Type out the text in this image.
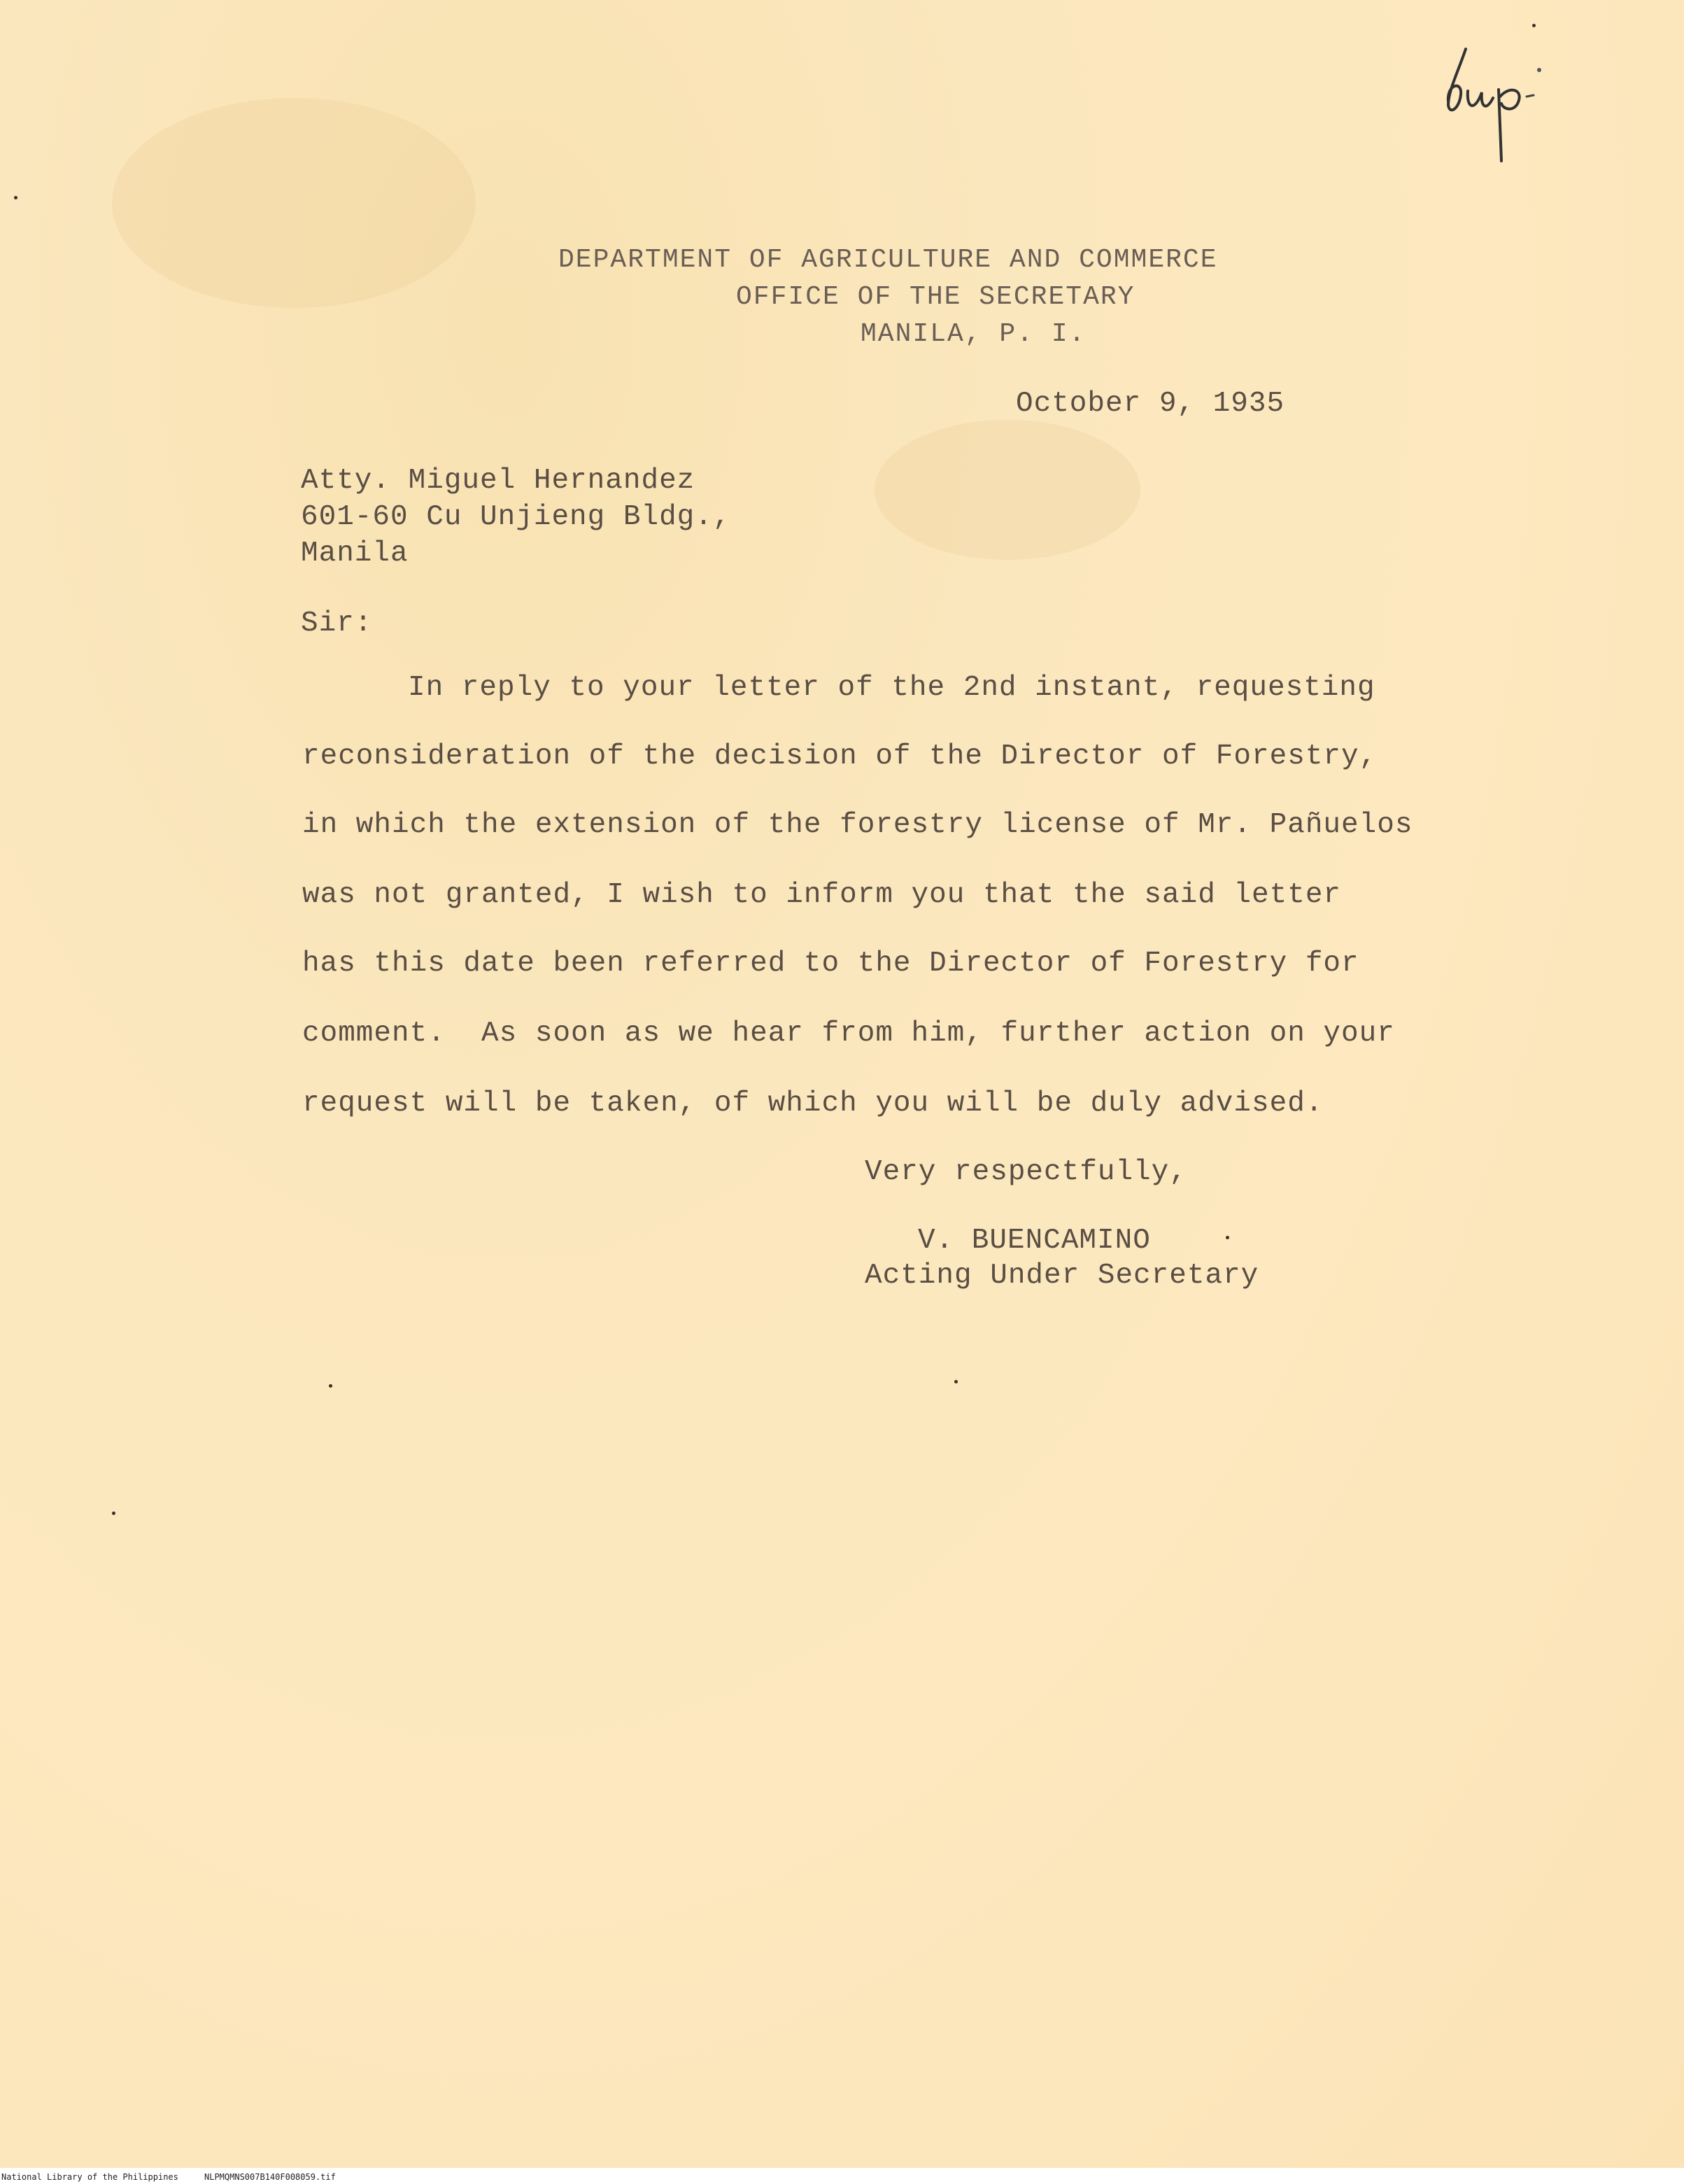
DEPARTMENT OF AGRICULTURE AND COMMERCE
OFFICE OF THE SECRETARY
MANILA, P. I.
October 9, 1935
Atty. Miguel Hernandez
601-60 Cu Unjieng Bldg.,
Manila
Sir:
In reply to your letter of the 2nd instant, requesting
reconsideration of the decision of the Director of Forestry,
in which the extension of the forestry license of Mr. Pañuelos
was not granted, I wish to inform you that the said letter
has this date been referred to the Director of Forestry for
comment.  As soon as we hear from him, further action on your
request will be taken, of which you will be duly advised.
Very respectfully,
V. BUENCAMINO
Acting Under Secretary
National Library of the Philippines	NLPMQMNS007B140F008059.tif
